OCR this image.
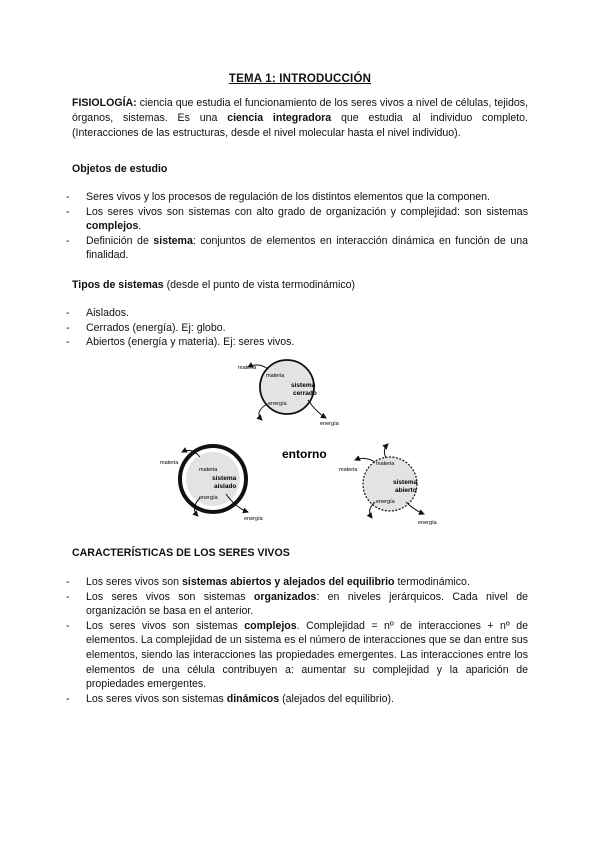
TEMA 1: INTRODUCCIÓN

FISIOLOGÍA: ciencia que estudia el funcionamiento de los seres vivos a nivel de células, tejidos, órganos, sistemas. Es una ciencia integradora que estudia al individuo completo. (Interacciones de las estructuras, desde el nivel molecular hasta el nivel individuo).

Objetos de estudio
- Seres vivos y los procesos de regulación de los distintos elementos que la componen.
- Los seres vivos son sistemas con alto grado de organización y complejidad: son sistemas complejos.
- Definición de sistema: conjuntos de elementos en interacción dinámica en función de una finalidad.
Tipos de sistemas (desde el punto de vista termodinámico)
- Aislados.
- Cerrados (energía). Ej: globo.
- Abiertos (energía y materia). Ej: seres vivos.
materia
materia
sistema
cerrado
energía
energía
entorno
materia
materia
sistema
aislado
energía
energía
materia
materia
sistema
abierto
energía
energía
CARACTERÍSTICAS DE LOS SERES VIVOS
- Los seres vivos son sistemas abiertos y alejados del equilibrio termodinámico.
- Los seres vivos son sistemas organizados: en niveles jerárquicos. Cada nivel de organización se basa en el anterior.
- Los seres vivos son sistemas complejos. Complejidad = nº de interacciones + nº de elementos. La complejidad de un sistema es el número de interacciones que se dan entre sus elementos, siendo las interacciones las propiedades emergentes. Las interacciones entre los elementos de una célula contribuyen a: aumentar su complejidad y la aparición de propiedades emergentes.
- Los seres vivos son sistemas dinámicos (alejados del equilibrio).
